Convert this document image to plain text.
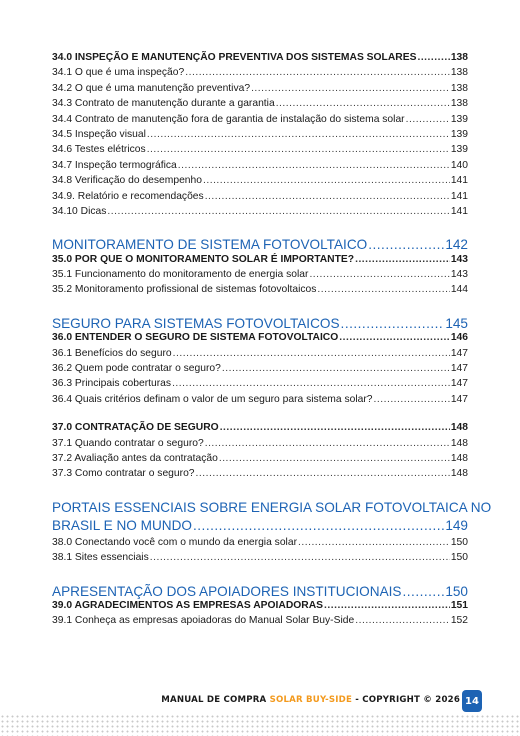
34.0 INSPEÇÃO E MANUTENÇÃO PREVENTIVA DOS SISTEMAS SOLARES .....	138
34.1 O que é uma inspeção? .....	138
34.2 O que é uma manutenção preventiva? .....	138
34.3 Contrato de manutenção durante a garantia .....	138
34.4 Contrato de manutenção fora de garantia de instalação do sistema solar .....	139
34.5 Inspeção visual .....	139
34.6 Testes elétricos .....	139
34.7 Inspeção termográfica .....	140
34.8 Verificação do desempenho .....	141
34.9. Relatório e recomendações .....	141
34.10 Dicas .....	141
MONITORAMENTO DE SISTEMA FOTOVOLTAICO .....	142
35.0 POR QUE O MONITORAMENTO SOLAR É IMPORTANTE? .....	143
35.1 Funcionamento do monitoramento de energia solar .....	143
35.2 Monitoramento profissional de sistemas fotovoltaicos .....	144
SEGURO PARA SISTEMAS FOTOVOLTAICOS .....	145
36.0 ENTENDER O SEGURO DE SISTEMA FOTOVOLTAICO .....	146
36.1 Benefícios do seguro .....	147
36.2 Quem pode contratar o seguro? .....	147
36.3 Principais coberturas .....	147
36.4 Quais critérios definam o valor de um seguro para sistema solar? .....	147
37.0 CONTRATAÇÃO DE SEGURO .....	148
37.1 Quando contratar o seguro? .....	148
37.2 Avaliação antes da contratação .....	148
37.3 Como contratar o seguro? .....	148
PORTAIS ESSENCIAIS SOBRE ENERGIA SOLAR FOTOVOLTAICA NO
BRASIL E NO MUNDO .....	149
38.0 Conectando você com o mundo da energia solar .....	150
38.1 Sites essenciais .....	150
APRESENTAÇÃO DOS APOIADORES INSTITUCIONAIS .....	150
39.0 AGRADECIMENTOS AS EMPRESAS APOIADORAS .....	151
39.1 Conheça as empresas apoiadoras do Manual Solar Buy-Side .....	152
MANUAL DE COMPRA SOLAR BUY-SIDE - COPYRIGHT © 2026 14
